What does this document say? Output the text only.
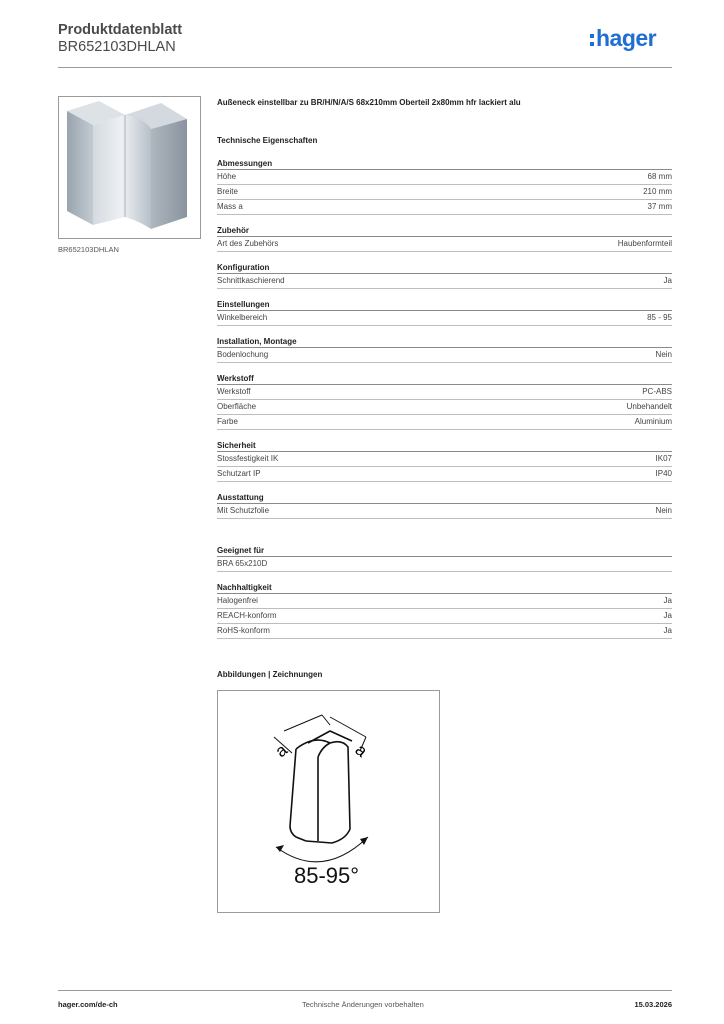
Produktdatenblatt
BR652103DHLAN	hager
BR652103DHLAN
Außeneck einstellbar zu BR/H/N/A/S 68x210mm Oberteil 2x80mm hfr lackiert alu
Technische Eigenschaften
Abmessungen
Höhe	68 mm
Breite	210 mm
Mass a	37 mm
Zubehör
Art des Zubehörs	Haubenformteil
Konfiguration
Schnittkaschierend	Ja
Einstellungen
Winkelbereich	85 - 95
Installation, Montage
Bodenlochung	Nein
Werkstoff
Werkstoff	PC-ABS
Oberfläche	Unbehandelt
Farbe	Aluminium
Sicherheit
Stossfestigkeit IK	IK07
Schutzart IP	IP40
Ausstattung
Mit Schutzfolie	Nein
Geeignet für
BRA 65x210D
Nachhaltigkeit
Halogenfrei	Ja
REACH-konform	Ja
RoHS-konform	Ja
Abbildungen | Zeichnungen
a	a
85-95°
hager.com/de-ch	Technische Änderungen vorbehalten	15.03.2026
